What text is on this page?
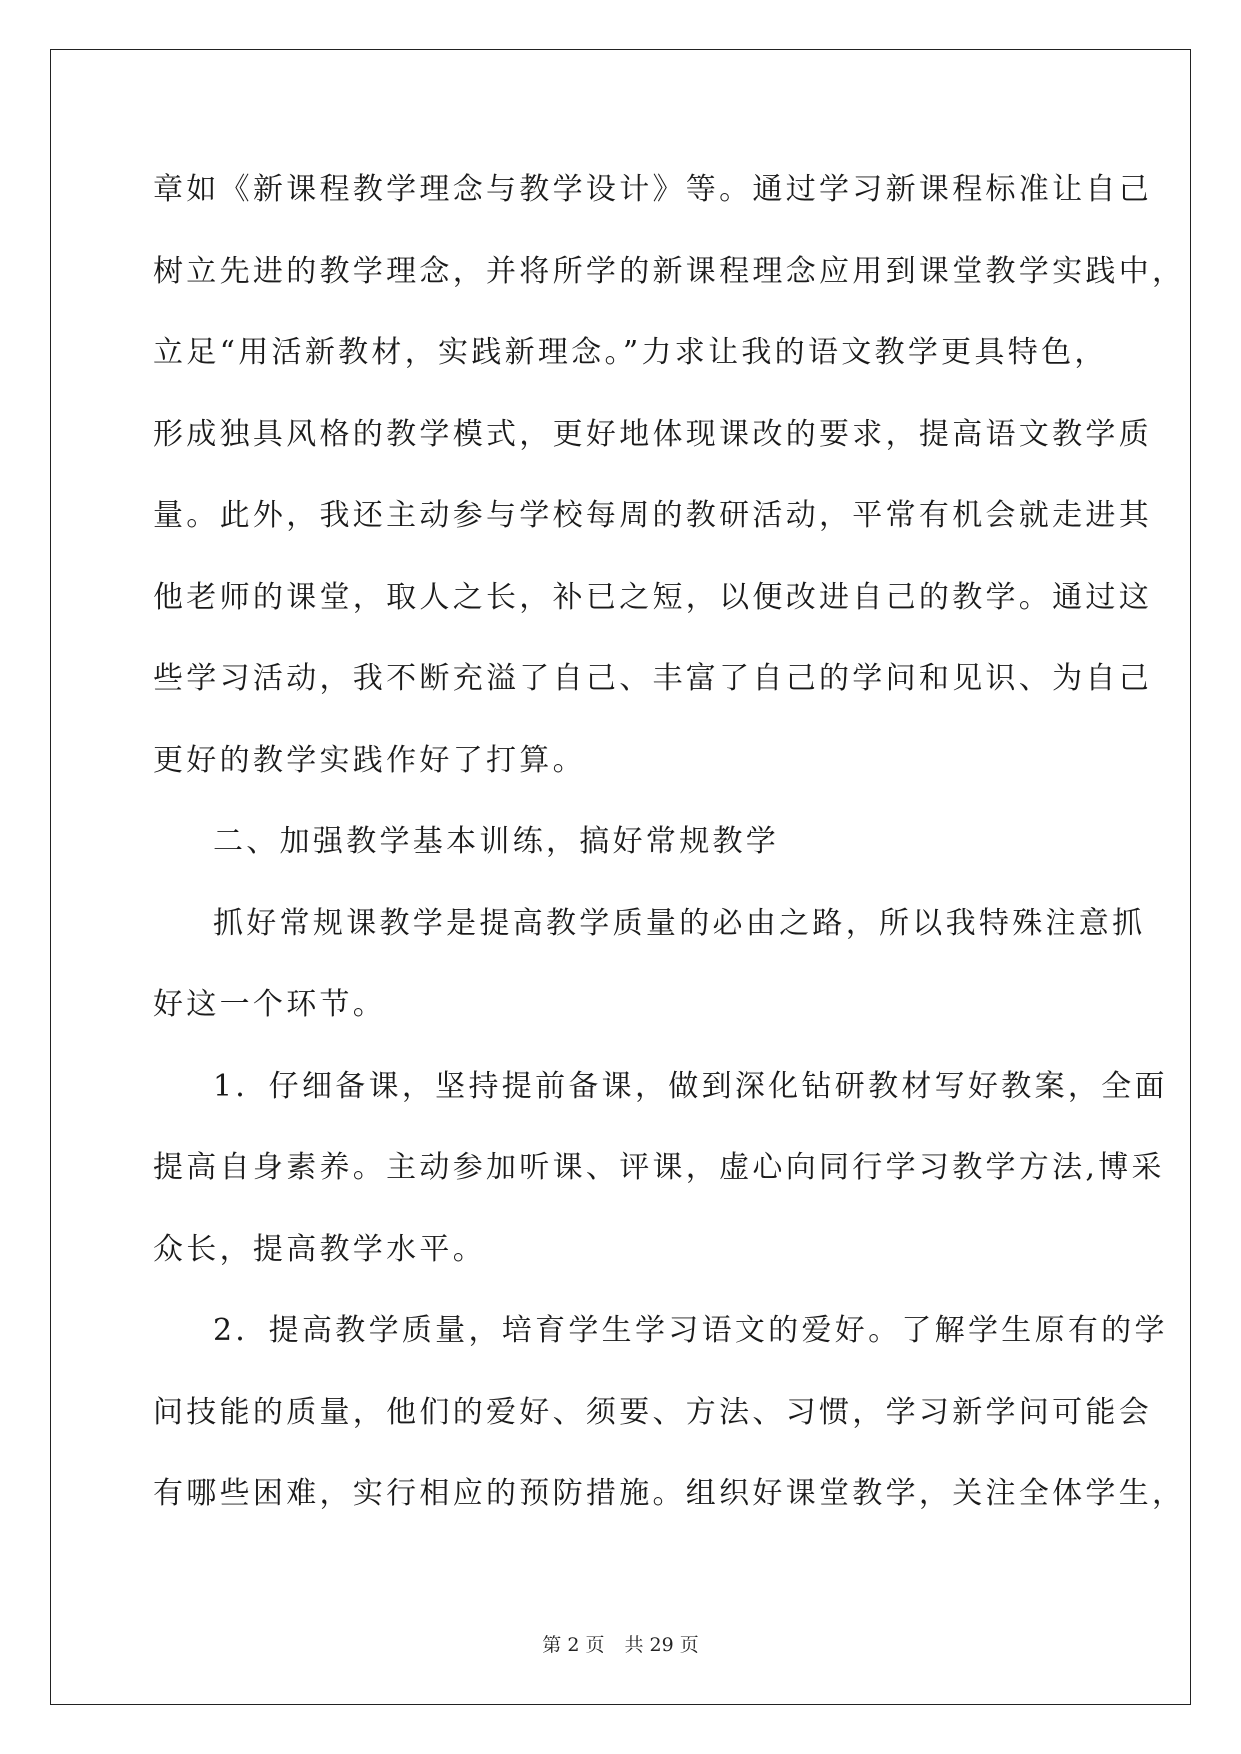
章如《新课程教学理念与教学设计》等。通过学习新课程标准让自己
树立先进的教学理念，并将所学的新课程理念应用到课堂教学实践中，
立足“用活新教材，实践新理念。”力求让我的语文教学更具特色，
形成独具风格的教学模式，更好地体现课改的要求，提高语文教学质
量。此外，我还主动参与学校每周的教研活动，平常有机会就走进其
他老师的课堂，取人之长，补已之短，以便改进自己的教学。通过这
些学习活动，我不断充溢了自己、丰富了自己的学问和见识、为自己
更好的教学实践作好了打算。
二、加强教学基本训练，搞好常规教学
抓好常规课教学是提高教学质量的必由之路，所以我特殊注意抓
好这一个环节。
1．仔细备课，坚持提前备课，做到深化钻研教材写好教案，全面
提高自身素养。主动参加听课、评课，虚心向同行学习教学方法,博采
众长，提高教学水平。
2．提高教学质量，培育学生学习语文的爱好。了解学生原有的学
问技能的质量，他们的爱好、须要、方法、习惯，学习新学问可能会
有哪些困难，实行相应的预防措施。组织好课堂教学，关注全体学生，
第 2 页 共 29 页
